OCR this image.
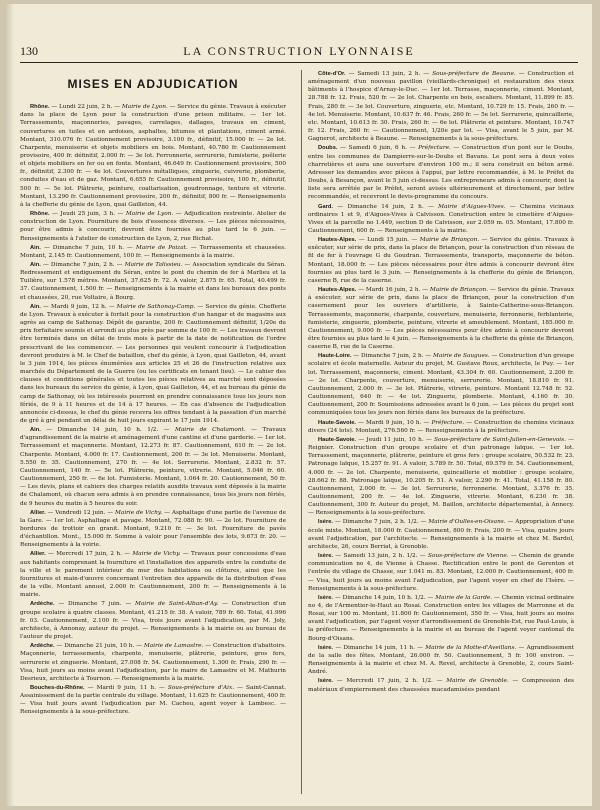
130	LA CONSTRUCTION LYONNAISE
MISES EN ADJUDICATION

Rhône. — Lundi 22 juin, 2 h. — Mairie de Lyon. — Service du génie. Travaux à exécuter dans la place de Lyon pour la construction d'une prison militaire. — 1er lot. Terrassements, maçonneries, pavages, carrelages, dallages, travaux en ciment, couvertures en tuiles et en ardoises, asphaltes, bitumes et plantations, ciment armé. Montant, 310.076 fr. Cautionnement provisoire, 3.100 fr., définitif, 15.000 fr. — 2e lot. Charpente, menuiserie et objets mobiliers en bois. Montant, 40.780 fr. Cautionnement provisoire, 400 fr. définitif, 2.000 fr. — 3e lot. Ferronnerie, serrurerie, fumisterie, poêlerie et objets mobiliers en fer ou en fonte. Montant, 46.649 fr. Cautionnement provisoire, 500 fr., définitif, 2.300 fr. — 4e lot. Couvertures métalliques, zinguerie, cuivrerie, plomberie, conduites d'eau et de gaz. Montant, 6.655 fr. Cautionnement provisoire, 100 fr., définitif, 500 fr. — 5e lot. Plâtrerie, peinture, coaltarisation, goudronnage, tenture et vitrerie. Montant, 13.290 fr. Cautionnement provisoire, 200 fr., définitif, 800 fr. — Renseignements à la chefferie du génie de Lyon, quai Gailleton, 44.

Rhône. — Jeudi 25 juin, 3 h. — Mairie de Lyon. — Adjudication restreinte. Atelier de construction de Lyon. Fourniture de bois d'essences diverses. — Les pièces nécessaires, pour être admis à concourir, devront être fournies au plus tard le 6 juin. — Renseignements à l'atelier de construction de Lyon, 2, rue Bichat.

Ain. — Dimanche 7 juin, 10 h. — Mairie de Poizat. — Terrassements et chaussées. Montant, 2.145 fr. Cautionnement, 100 fr. — Renseignements à la mairie.

Ain. — Dimanche 7 juin, 2 h. — Mairie de Talissieu. — Association syndicale du Séran. Redressement et endiguement du Séran, entre le pont du chemin de fer à Marlieu et la Tuilière, sur 1.578 mètres. Montant, 37.625 fr. 72. A valoir, 2.875 fr. 65. Total, 40.499 fr. 37. Cautionnement, 1.500 fr. — Renseignements à la mairie et dans les bureaux des ponts et chaussées, 20, rue Voltaire, à Bourg.

Ain. — Mardi 9 juin, 12 h. — Mairie de Sathonay-Camp. — Service du génie. Chefferie de Lyon. Travaux à exécuter à forfait pour la construction d'un hangar et de magasins aux agrès au camp de Sathonay. Dépôt de garantie, 200 fr. Cautionnement définitif, 1/20e du prix forfaitaire soumis et arrondi au plus près par somme de 100 fr. — Les travaux devront être terminés dans un délai de trois mois à partir de la date de notification de l'ordre prescrivant de les commencer. — Les personnes qui veulent concourir à l'adjudication devront produire à M. le Chef de bataillon, chef du génie, à Lyon, quai Gailleton, 44, avant le 3 juin 1914, les pièces énumérées aux articles 25 et 26 de l'instruction relative aux marchés du Département de la Guerre (ou les certificats en tenant lieu). — Le cahier des clauses et conditions générales et toutes les pièces relatives au marché sont déposées dans les bureaux du service du génie, à Lyon, quai Gailleton, 44, et au bureau du génie du camp de Sathonay, où les intéressés pourront en prendre connaissance tous les jours non fériés, de 9 à 11 heures et de 14 à 17 heures. — En cas d'absence de l'adjudication annoncée ci-dessus, le chef du génie recevra les offres tendant à la passation d'un marché de gré à gré pendant un délai de huit jours expirant le 17 juin 1914.

Ain. — Dimanche 14 juin, 10 h. 1/2. — Mairie de Chalamont. — Travaux d'agrandissement de la mairie et aménagement d'une cantine et d'une garderie. — 1er lot. Terrassement et maçonnerie. Montant, 12.273 fr. 87. Cautionnement, 610 fr. — 2e lot. Charpente. Montant, 4.000 fr. 17. Cautionnement, 200 fr. — 3e lot. Menuiserie. Montant, 5.550 fr. 35. Cautionnement, 270 fr. — 4e lot. Serrurerie. Montant, 2.832 fr. 57. Cautionnement, 140 fr. — 5e lot. Plâtrerie, peinture, vitrerie. Montant, 5.046 fr. 60. Cautionnement, 250 fr. — 6e lot. Fumisterie. Montant, 1.064 fr. 20. Cautionnement, 50 fr. — Les devis, plans et cahiers des charges relatifs auxdits travaux sont déposés à la mairie de Chalamont, où chacun sera admis à en prendre connaissance, tous les jours non fériés, de 9 heures du matin à 5 heures du soir.

Allier. — Vendredi 12 juin. — Mairie de Vichy. — Asphaltage d'une partie de l'avenue de la Gare. — 1er lot. Asphaltage et pavage. Montant, 72.088 fr. 90. — 2e lot. Fourniture de bordures de trottoir en granit. Montant, 9.210 fr. — 3e lot. Fourniture de pavés d'échantillon. Mont., 15.000 fr. Somme à valoir pour l'ensemble des lots, 9.673 fr. 20. — Renseignements à la voirie.

Allier. — Mercredi 17 juin, 2 h. — Mairie de Vichy. — Travaux pour concessions d'eau aux habitants comprenant la fourniture et l'installation des appareils entre la conduite de la ville et le parement intérieur du mur des habitations ou clôtures, ainsi que les fournitures et main-d'œuvre concernant l'entretien des appareils de la distribution d'eau de la ville. Montant annuel, 2.000 fr. Cautionnement, 200 fr. — Renseignements à la mairie.

Ardèche. — Dimanche 7 juin. — Mairie de Saint-Alban-d'Ay. — Construction d'un groupe scolaire à quatre classes. Montant, 41.215 fr. 38. A valoir, 789 fr. 60. Total, 41.996 fr. 03. Cautionnement, 2.100 fr. — Visa, trois jours avant l'adjudication, par M. Joly, architecte, à Annonay, auteur du projet. — Renseignements à la mairie ou au bureau de l'auteur du projet.

Ardèche. — Dimanche 21 juin, 10 h. — Mairie de Lamastre. — Construction d'abattoirs. Maçonnerie, terrassements, charpente, menuiserie, plâtrerie, peinture, gros fers, serrurerie et zinguerie. Montant, 27.008 fr. 54. Cautionnement, 1.300 fr. Frais, 290 fr. — Visa, huit jours au moins avant l'adjudication, par le maire de Lamastre et M. Mathurin Desrieux, architecte à Tournon. — Renseignements à la mairie.

Bouches-du-Rhône. — Mardi 9 juin, 11 h. — Sous-préfecture d'Aix. — Saint-Cannat. Assainissement de la partie centrale du village. Montant, 11.625 fr. Cautionnement, 400 fr. — Visa huit jours avant l'adjudication par M. Cacheu, agent voyer à Lambesc. — Renseignements à la sous-préfecture.

Côte-d'Or. — Samedi 13 juin, 2 h. — Sous-préfecture de Beaune. — Construction et aménagement d'un nouveau pavillon (vieillards-chronique) et restauration des vieux bâtiments à l'hospice d'Arnay-le-Duc. — 1er lot. Terrasse, maçonnerie, ciment. Montant, 28.788 fr. 12. Frais, 520 fr. — 2e lot. Charpente en bois, escaliers. Montant, 11.899 fr. 85. Frais, 280 fr. — 3e lot. Couverture, zinguerie, etc. Montant, 10.729 fr. 15. Frais, 260 fr. — 4e lot. Menuiserie. Montant, 10.637 fr. 46. Frais, 260 fr. — 5e lot. Serrurerie, quincaillerie, etc. Montant, 10.613 fr. 30. Frais, 260 fr. — 6e lot. Plâtrerie et peinture. Montant, 10.747 fr. 12. Frais, 260 fr. — Cautionnement, 1/20e par lot. — Visa, avant le 5 juin, par M. Gagnerot, architecte à Beaune. — Renseignements à la sous-préfecture.

Doubs. — Samedi 6 juin, 6 h. — Préfecture. — Construction d'un pont sur le Doubs, entre les communes de Dampierre-sur-le-Doubs et Bavans. Le pont sera à deux voies charretières et aura une ouverture d'environ 100 m.; il sera construit en béton armé. Adresser les demandes avec pièces à l'appui, par lettre recommandée, à M. le Préfet du Doubs, à Besançon, avant le 5 juin ci-dessus. Les entrepreneurs admis à concourir, dont la liste sera arrêtée par le Préfet, seront avisés ultérieurement et directement, par lettre recommandée, et recevront le devis-programme du concours.

Gard. — Dimanche 14 juin, 2 h. — Mairie d'Aigues-Vives. — Chemins vicinaux ordinaires 1 et 9, d'Aigues-Vives à Calvisson. Construction entre le cimetière d'Aigues-Vives et la parcelle no 1.449, section D de Calvisson, sur 2.059 m. 05. Montant, 17.800 fr. Cautionnement, 600 fr. — Renseignements à la mairie.

Hautes-Alpes. — Lundi 15 juin. — Mairie de Briançon. — Service du génie. Travaux à exécuter, sur série de prix, dans la place de Briançon, pour la construction d'un réseau de fil de fer à l'ouvrage G du Goudran. Terrassements, transports, maçonnerie de béton. Montant, 18.000 fr. — Les pièces nécessaires pour être admis à concourir devront être fournies au plus tard le 3 juin. — Renseignements à la chefferie du génie de Briançon, caserne B, rue de la caserne.

Hautes-Alpes. — Mardi 16 juin, 2 h. — Mairie de Briançon. — Service du génie. Travaux à exécuter, sur série de prix, dans la place de Briançon, pour la construction d'un casernement pour les ouvriers d'artillerie, à Sainte-Catherine-sous-Briançon. Terrassements, maçonnerie, charpente, couverture, menuiserie, ferronnerie, ferblanterie, fumisterie, zinguerie, plomberie, peinture, vitrerie et ameublement. Montant, 185.000 fr. Cautionnement, 9.000 fr. — Les pièces nécessaires pour être admis à concourir devront être fournies au plus tard le 4 juin. — Renseignements à la chefferie du génie de Briançon, caserne B, rue de la Caserne.

Haute-Loire. — Dimanche 7 juin, 2 h. — Mairie de Saugues. — Construction d'un groupe scolaire et école maternelle. Auteur du projet, M. Gustave Roux, architecte, le Puy. — 1er lot. Terrassement, maçonnerie, ciment. Montant, 43.304 fr. 60. Cautionnement, 2.200 fr. — 2e lot. Charpente, couverture, menuiserie, serrurerie. Montant, 18.810 fr. 91. Cautionnement, 2.000 fr. — 3e lot. Plâtrerie, vitrerie, peinture. Montant 12.748 fr. 52. Cautionnement, 640 fr. — 4e lot. Zinguerie, plomberie. Montant, 4.160 fr. 30. Cautionnement, 200 fr. Soumissions adressées avant le 6 juin. — Les pièces du projet sont communiquées tous les jours non fériés dans les bureaux de la préfecture.

Haute-Savoie. — Mardi 9 juin, 10 h. — Préfecture. — Construction de chemins vicinaux divers (24 lots). Montant, 276.560 fr. — Renseignements à la préfecture.

Haute-Savoie. — Jeudi 11 juin, 10 h. — Sous-préfecture de Saint-Julien-en-Genevois. — Reignier. Construction d'un groupe scolaire et d'un patronage laïque. — 1er lot. Terrassement, maçonnerie, plâtrerie, peinture et gros fers : groupe scolaire, 50.532 fr. 23. Patronage laïque, 15.257 fr. 91. A valoir, 3.789 fr. 50. Total, 69.579 fr. 54. Cautionnement, 4.000 fr. — 2e lot. Charpente, menuiserie, quincaillerie et mobilier : groupe scolaire, 28.662 fr. 88. Patronage laïque, 10.205 fr. 51. A valoir, 2.290 fr. 41. Total, 41.158 fr. 80. Cautionnement, 2.000 fr. — 3e lot. Serrurerie, ferronnerie. Montant, 3.376 fr. 35. Cautionnement, 200 fr. — 4e lot. Zinguerie, vitrerie. Montant, 6.230 fr. 38. Cautionnement, 300 fr. Auteur du projet, M. Baillon, architecte départemental, à Annecy. — Renseignements à la sous-préfecture.

Isère. — Dimanche 7 juin, 2 h. 1/2. — Mairie d'Oulles-en-Oisans. — Appropriation d'une école mixte. Montant, 18.000 fr. Cautionnement, 800 fr. Frais, 200 fr. — Visa, quatre jours avant l'adjudication, par l'architecte. — Renseignements à la mairie et chez M. Bardol, architecte, 26, cours Berriat, à Grenoble.

Isère. — Samedi 13 juin, 2 h. 1/2. — Sous-préfecture de Vienne. — Chemin de grande communication no 4, de Vienne à Chasse. Rectification entre le pont de Gerenton et l'entrée du village de Chasse, sur 1.041 m. 83. Montant, 12.000 fr. Cautionnement, 400 fr. — Visa, huit jours au moins avant l'adjudication, par l'agent voyer en chef de l'Isère. — Renseignements à la sous-préfecture.

Isère. — Dimanche 14 juin, 10 h. 1/2. — Mairie de la Garde. — Chemin vicinal ordinaire no 4, de l'Armentier-le-Haut au Rosai. Construction entre les villages de Marronne et du Rosai, sur 100 m. Montant, 11.800 fr. Cautionnement, 350 fr. — Visa, huit jours au moins avant l'adjudication, par l'agent voyer d'arrondissement de Grenoble-Est, rue Paul-Louis, à la préfecture. — Renseignements à la mairie et au bureau de l'agent voyer cantonal du Bourg-d'Oisans.

Isère. — Dimanche 14 juin, 11 h. — Mairie de la Motte-d'Aveillans. — Agrandissement de la salle des fêtes. Montant, 26.000 fr. 50. Cautionnement, 5 fr. 100 environ. — Renseignements à la mairie et chez M. A. Revel, architecte à Grenoble, 2, cours Saint-André.

Isère. — Mercredi 17 juin, 2 h. 1/2. — Mairie de Grenoble. — Compression des matériaux d'empierrement des chaussées macadamisées pendant
